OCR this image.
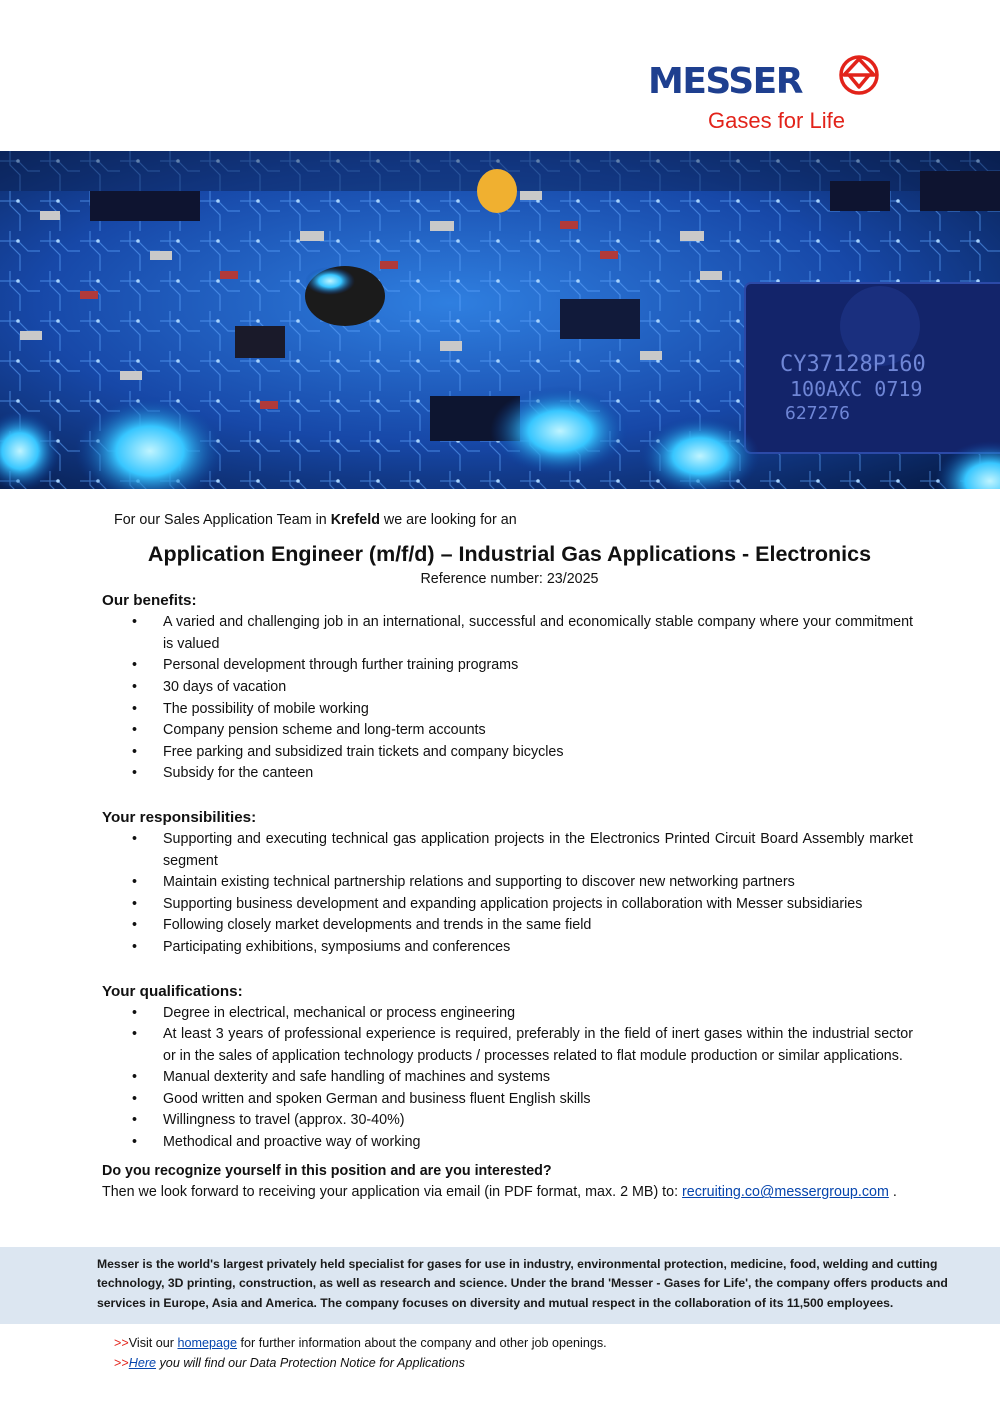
MESSER
Gases for Life
CY37128P160
100AXC 0719
627276
For our Sales Application Team in Krefeld we are looking for an
Application Engineer (m/f/d) – Industrial Gas Applications - Electronics
Reference number: 23/2025
Our benefits:
• A varied and challenging job in an international, successful and economically stable company where your commitment is valued
• Personal development through further training programs
• 30 days of vacation
• The possibility of mobile working
• Company pension scheme and long-term accounts
• Free parking and subsidized train tickets and company bicycles
• Subsidy for the canteen
Your responsibilities:
• Supporting and executing technical gas application projects in the Electronics Printed Circuit Board Assembly market segment
• Maintain existing technical partnership relations and supporting to discover new networking partners
• Supporting business development and expanding application projects in collaboration with Messer subsidiaries
• Following closely market developments and trends in the same field
• Participating exhibitions, symposiums and conferences
Your qualifications:
• Degree in electrical, mechanical or process engineering
• At least 3 years of professional experience is required, preferably in the field of inert gases within the industrial sector or in the sales of application technology products / processes related to flat module production or similar applications.
• Manual dexterity and safe handling of machines and systems
• Good written and spoken German and business fluent English skills
• Willingness to travel (approx. 30-40%)
• Methodical and proactive way of working
Do you recognize yourself in this position and are you interested?
Then we look forward to receiving your application via email (in PDF format, max. 2 MB) to: recruiting.co@messergroup.com .
Messer is the world's largest privately held specialist for gases for use in industry, environmental protection, medicine, food, welding and cutting technology, 3D printing, construction, as well as research and science. Under the brand 'Messer - Gases for Life', the company offers products and services in Europe, Asia and America. The company focuses on diversity and mutual respect in the collaboration of its 11,500 employees.
>>Visit our homepage for further information about the company and other job openings.
>>Here you will find our Data Protection Notice for Applications
